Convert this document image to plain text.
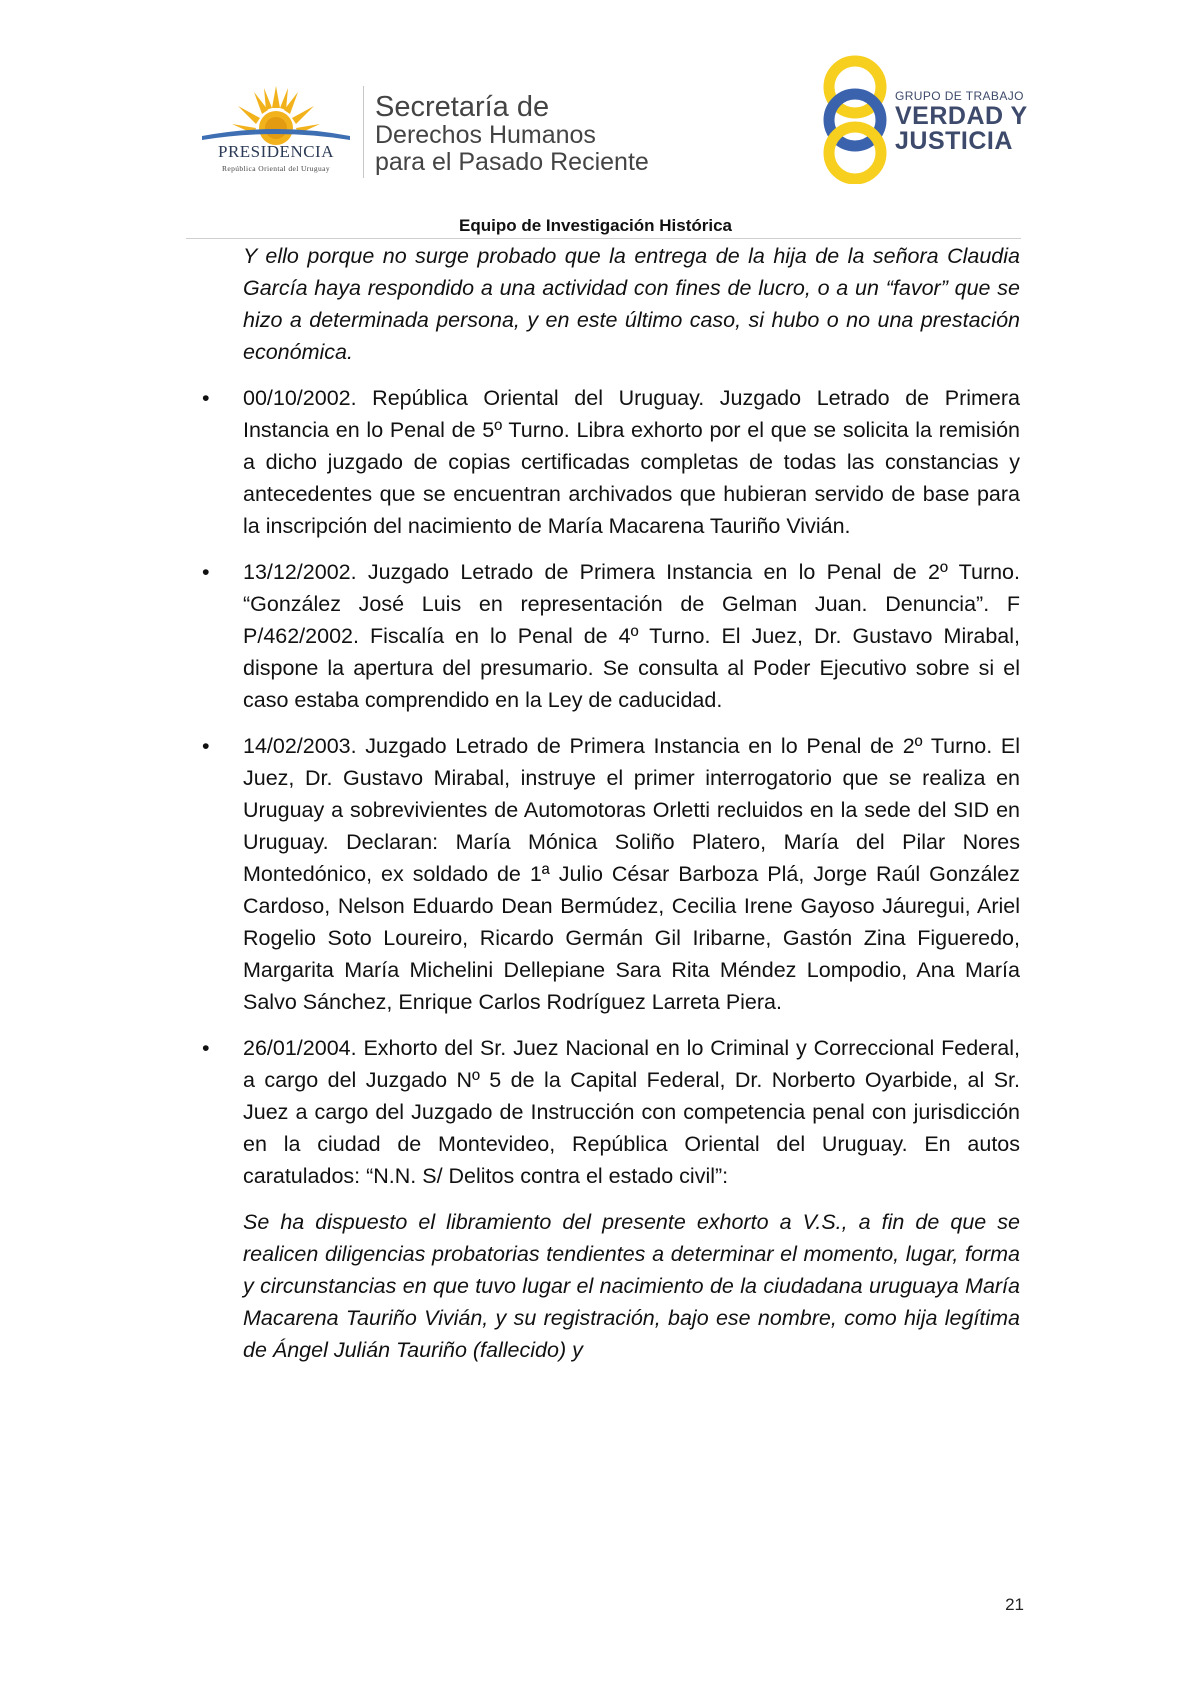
PRESIDENCIA
República Oriental del Uruguay
Secretaría de
Derechos Humanos
para el Pasado Reciente
GRUPO DE TRABAJO
VERDAD Y
JUSTICIA
Equipo de Investigación Histórica

Y ello porque no surge probado que la entrega de la hija de la señora Claudia García haya respondido a una actividad con fines de lucro, o a un “favor” que se hizo a determinada persona, y en este último caso, si hubo o no una prestación económica.

• 00/10/2002. República Oriental del Uruguay. Juzgado Letrado de Primera Instancia en lo Penal de 5º Turno. Libra exhorto por el que se solicita la remisión a dicho juzgado de copias certificadas completas de todas las constancias y antecedentes que se encuentran archivados que hubieran servido de base para la inscripción del nacimiento de María Macarena Tauriño Vivián.
• 13/12/2002. Juzgado Letrado de Primera Instancia en lo Penal de 2º Turno. “González José Luis en representación de Gelman Juan. Denuncia”. F P/462/2002. Fiscalía en lo Penal de 4º Turno. El Juez, Dr. Gustavo Mirabal, dispone la apertura del presumario. Se consulta al Poder Ejecutivo sobre si el caso estaba comprendido en la Ley de caducidad.
• 14/02/2003. Juzgado Letrado de Primera Instancia en lo Penal de 2º Turno. El Juez, Dr. Gustavo Mirabal, instruye el primer interrogatorio que se realiza en Uruguay a sobrevivientes de Automotoras Orletti recluidos en la sede del SID en Uruguay. Declaran: María Mónica Soliño Platero, María del Pilar Nores Montedónico, ex soldado de 1ª Julio César Barboza Plá, Jorge Raúl González Cardoso, Nelson Eduardo Dean Bermúdez, Cecilia Irene Gayoso Jáuregui, Ariel Rogelio Soto Loureiro, Ricardo Germán Gil Iribarne, Gastón Zina Figueredo, Margarita María Michelini Dellepiane Sara Rita Méndez Lompodio, Ana María Salvo Sánchez, Enrique Carlos Rodríguez Larreta Piera.
• 26/01/2004. Exhorto del Sr. Juez Nacional en lo Criminal y Correccional Federal, a cargo del Juzgado Nº 5 de la Capital Federal, Dr. Norberto Oyarbide, al Sr. Juez a cargo del Juzgado de Instrucción con competencia penal con jurisdicción en la ciudad de Montevideo, República Oriental del Uruguay. En autos caratulados: “N.N. S/ Delitos contra el estado civil”:

Se ha dispuesto el libramiento del presente exhorto a V.S., a fin de que se realicen diligencias probatorias tendientes a determinar el momento, lugar, forma y circunstancias en que tuvo lugar el nacimiento de la ciudadana uruguaya María Macarena Tauriño Vivián, y su registración, bajo ese nombre, como hija legítima de Ángel Julián Tauriño (fallecido) y

21
